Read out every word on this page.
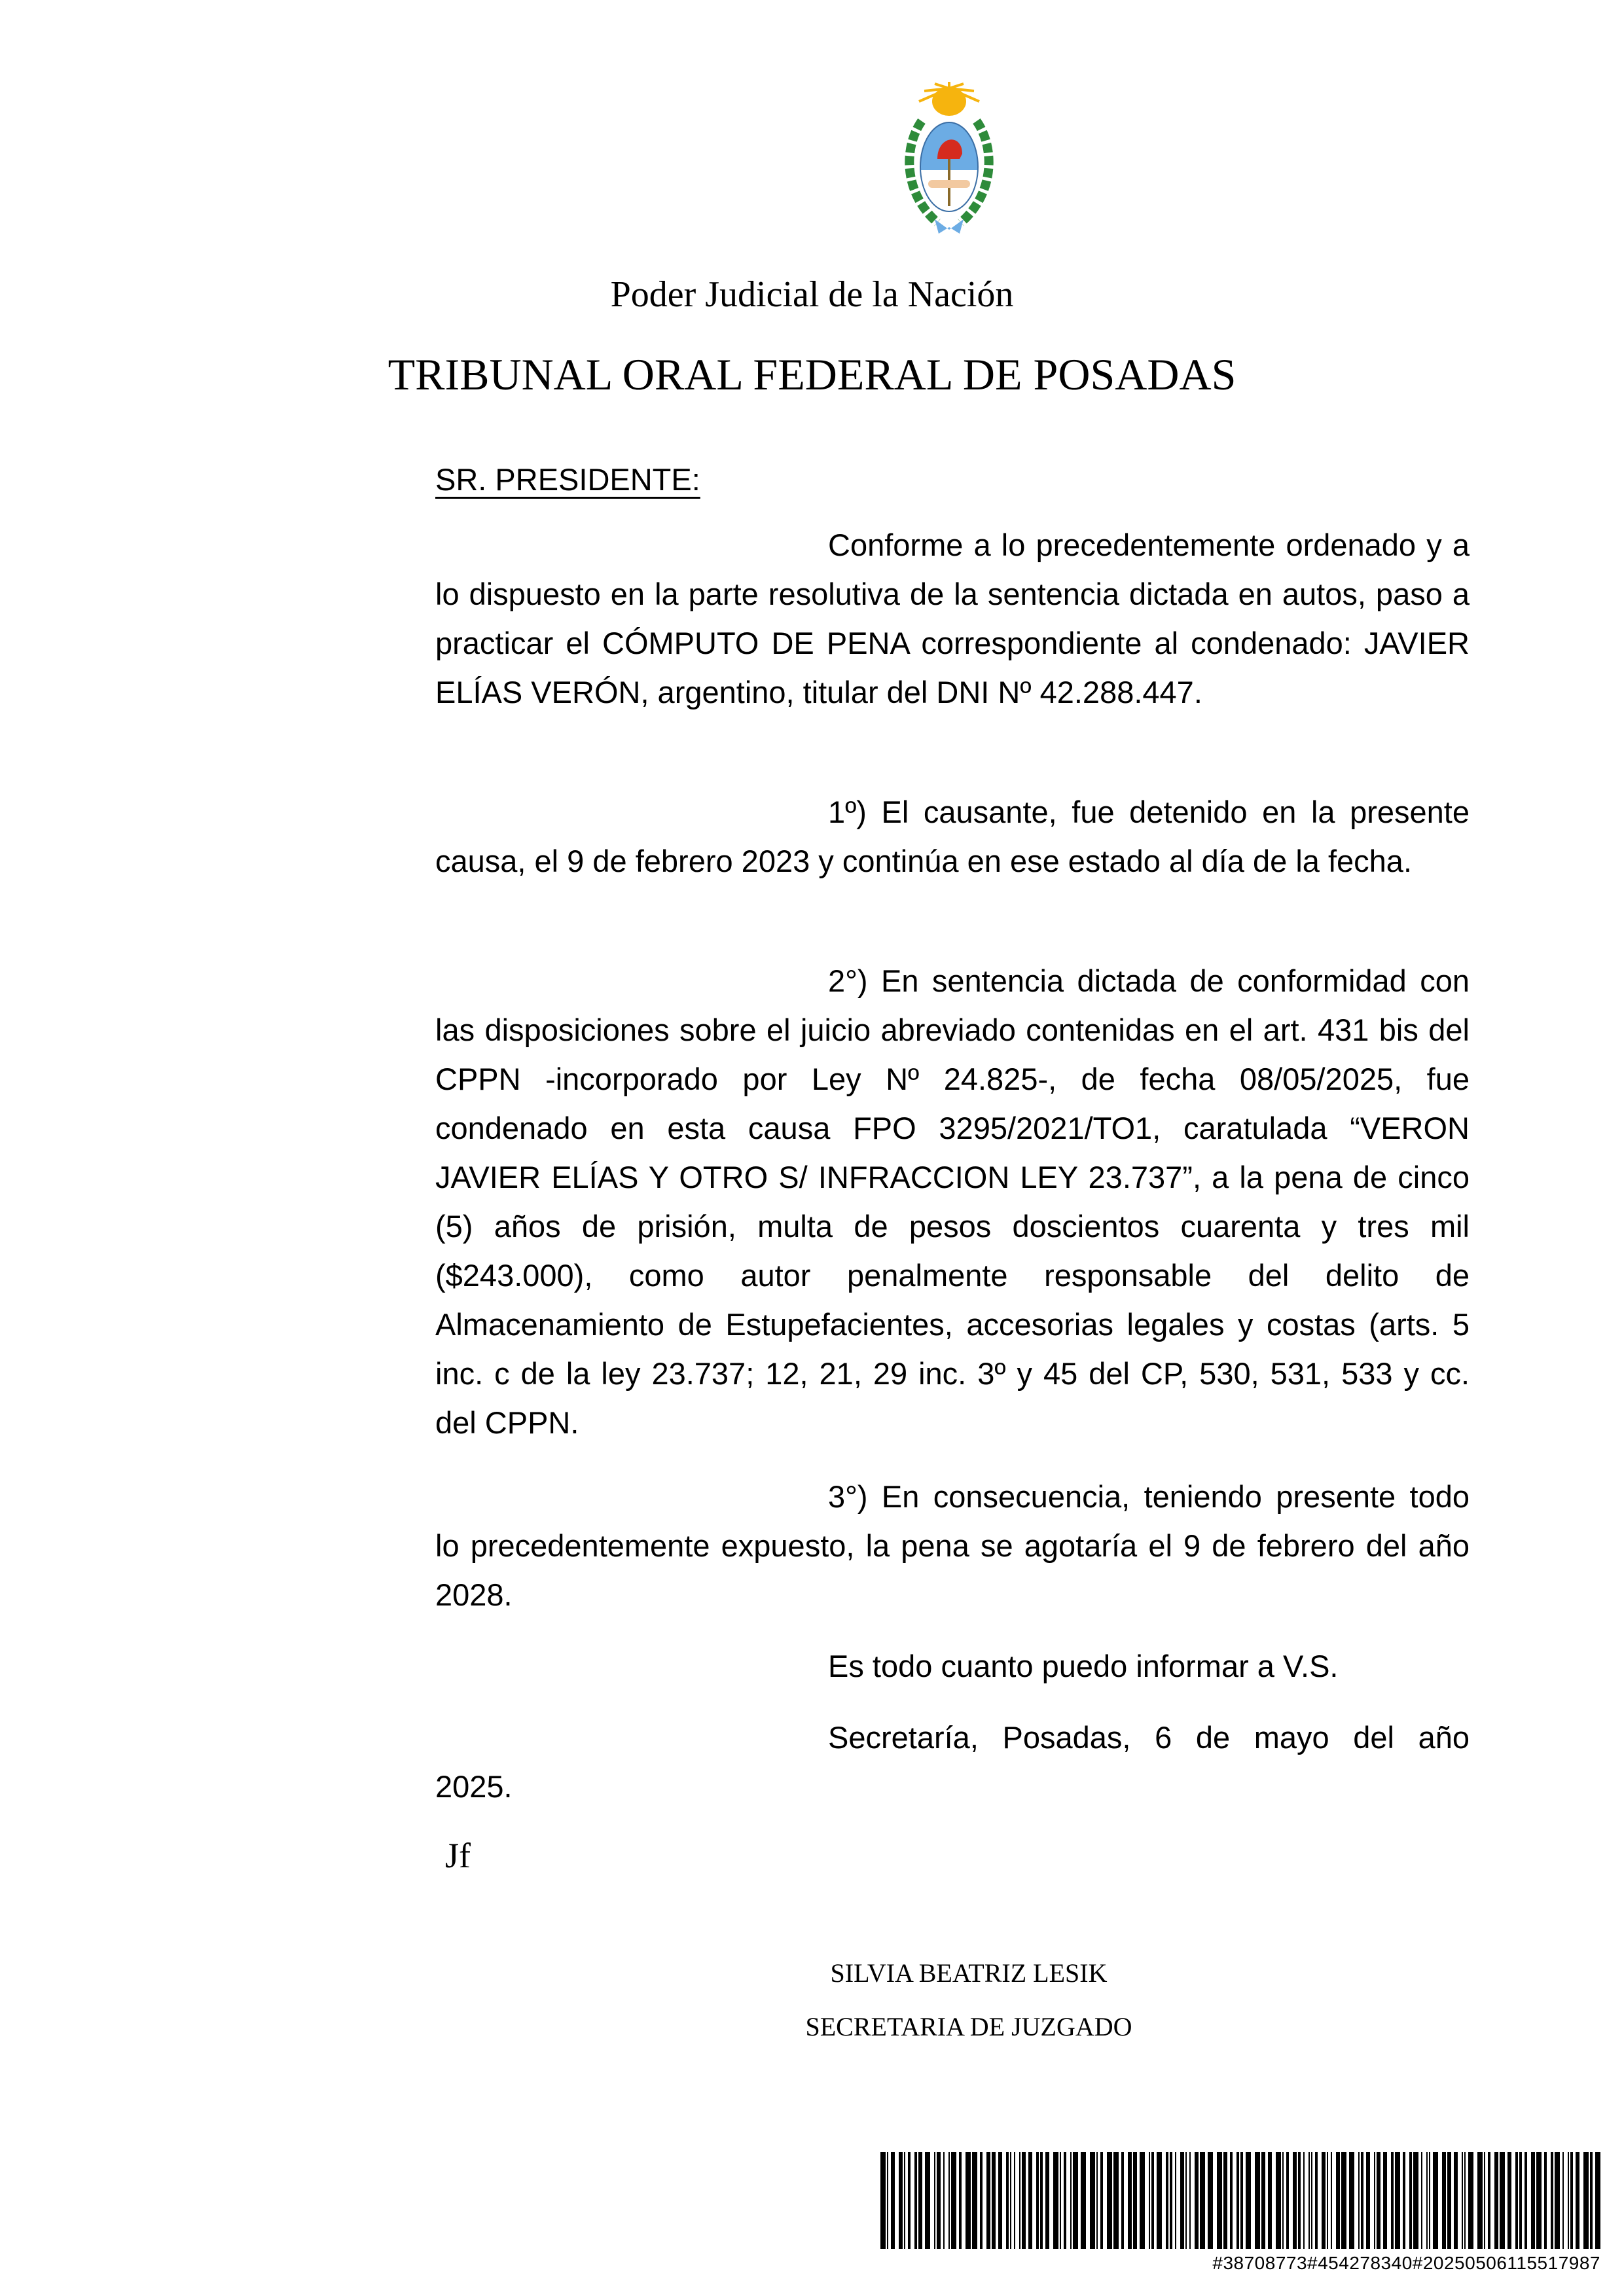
Poder Judicial de la Nación
TRIBUNAL ORAL FEDERAL DE POSADAS
SR. PRESIDENTE:

Conforme a lo precedentemente ordenado y a lo dispuesto en la parte resolutiva de la sentencia dictada en autos, paso a practicar el CÓMPUTO DE PENA correspondiente al condenado: JAVIER ELÍAS VERÓN, argentino, titular del DNI Nº 42.288.447.

1º) El causante, fue detenido en la presente causa, el 9 de febrero 2023 y continúa en ese estado al día de la fecha.

2°) En sentencia dictada de conformidad con las disposiciones sobre el juicio abreviado contenidas en el art. 431 bis del CPPN -incorporado por Ley Nº 24.825-, de fecha 08/05/2025, fue condenado en esta causa FPO 3295/2021/TO1, caratulada “VERON JAVIER ELÍAS Y OTRO S/ INFRACCION LEY 23.737”, a la pena de cinco (5) años de prisión, multa de pesos doscientos cuarenta y tres mil ($243.000), como autor penalmente responsable del delito de Almacenamiento de Estupefacientes, accesorias legales y costas (arts. 5 inc. c de la ley 23.737; 12, 21, 29 inc. 3º y 45 del CP, 530, 531, 533 y cc. del CPPN.

3°) En consecuencia, teniendo presente todo lo precedentemente expuesto, la pena se agotaría el 9 de febrero del año 2028.

Es todo cuanto puedo informar a V.S.
Secretaría, Posadas, 6 de mayo del año
2025.
Jf
SILVIA BEATRIZ LESIK
SECRETARIA DE JUZGADO
#38708773#454278340#20250506115517987
